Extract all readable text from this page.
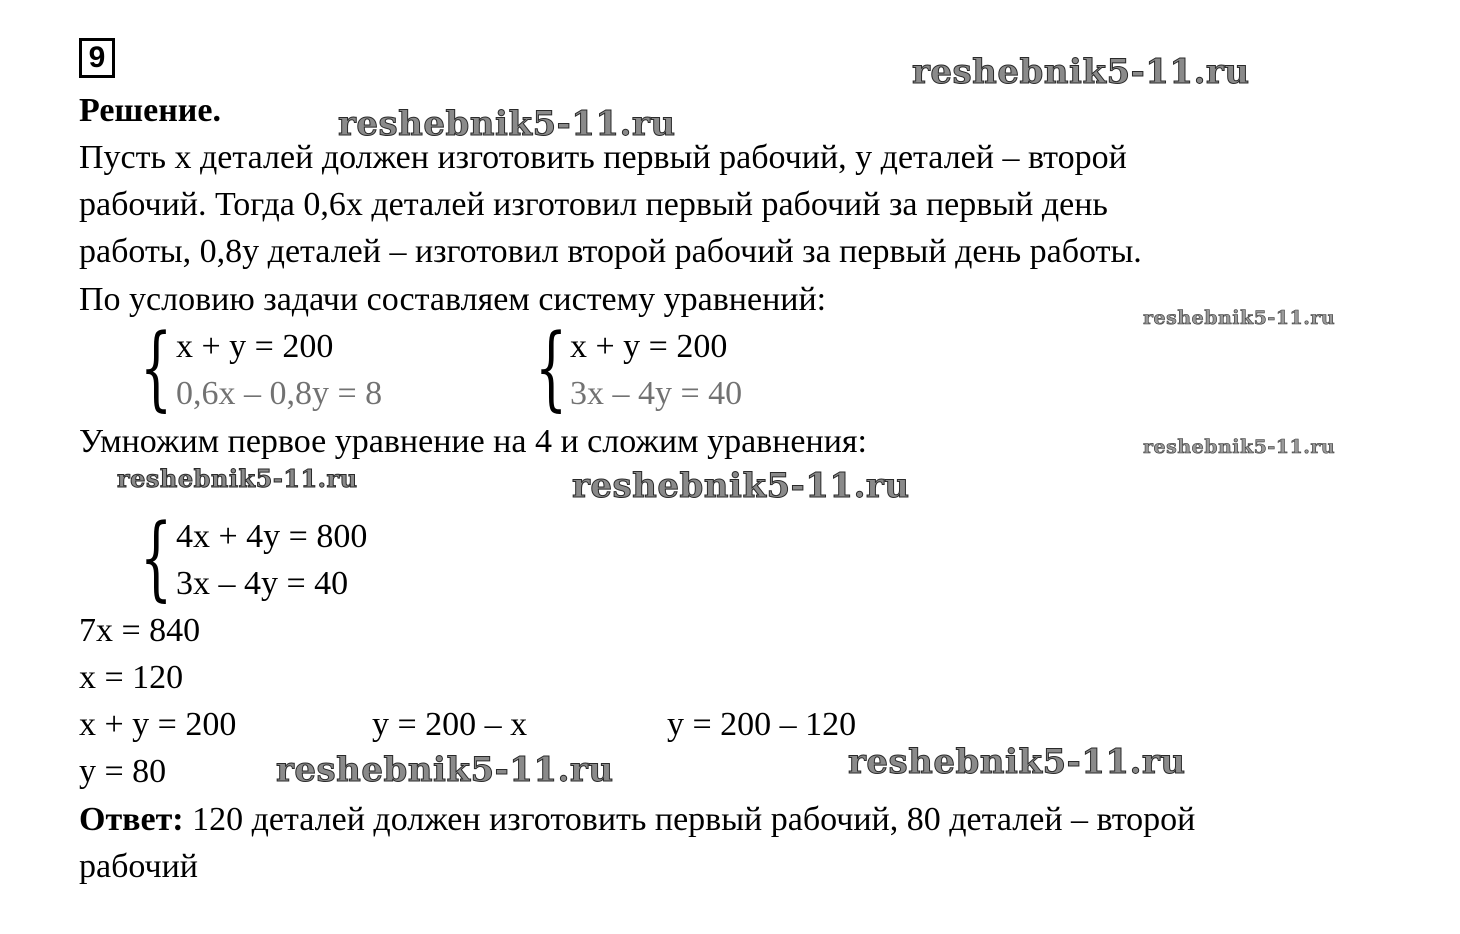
9	reshebnik5-11.ru
reshebnik5-11.ru
reshebnik5-11.ru
reshebnik5-11.ru
reshebnik5-11.ru	reshebnik5-11.ru
reshebnik5-11.ru	reshebnik5-11.ru
Решение.
Пусть x деталей должен изготовить первый рабочий, y деталей – второй
рабочий. Тогда 0,6x деталей изготовил первый рабочий за первый день
работы, 0,8y деталей – изготовил второй рабочий за первый день работы.
По условию задачи составляем систему уравнений:
{ x + y = 200
0,6x – 0,8y = 8 { x + y = 200
3x – 4y = 40
Умножим первое уравнение на 4 и сложим уравнения:
{ 4x + 4y = 800
3x – 4y = 40
7x = 840
x = 120
x + y = 200	y = 200 – x	y = 200 – 120
y = 80
Ответ: 120 деталей должен изготовить первый рабочий, 80 деталей – второй
рабочий
